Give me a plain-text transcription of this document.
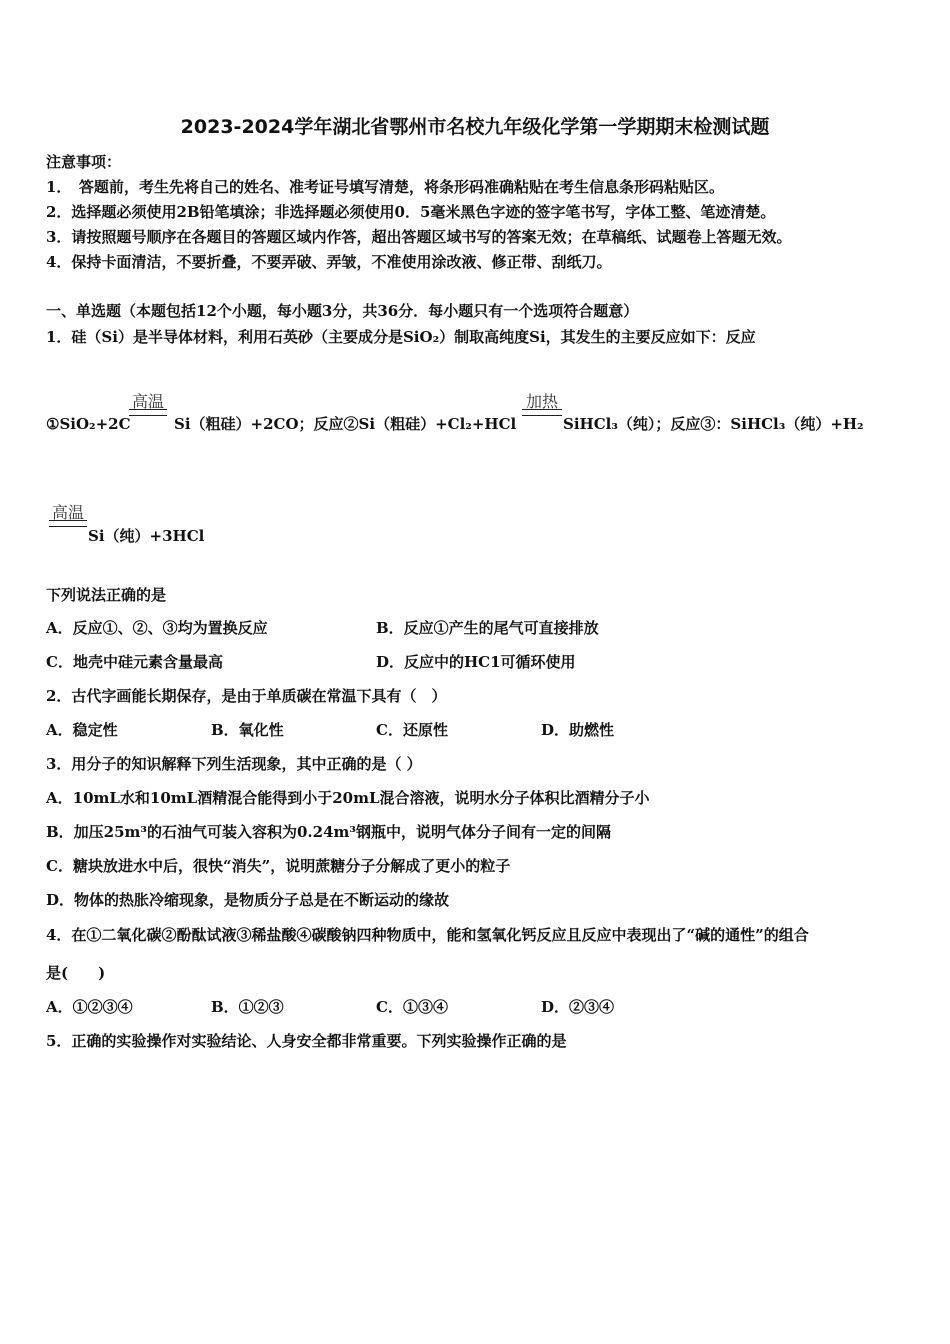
2023-2024学年湖北省鄂州市名校九年级化学第一学期期末检测试题
注意事项：
1．　答题前，考生先将自己的姓名、准考证号填写清楚，将条形码准确粘贴在考生信息条形码粘贴区。
2．选择题必须使用2B铅笔填涂；非选择题必须使用0．5毫米黑色字迹的签字笔书写，字体工整、笔迹清楚。
3．请按照题号顺序在各题目的答题区域内作答，超出答题区域书写的答案无效；在草稿纸、试题卷上答题无效。
4．保持卡面清洁，不要折叠，不要弄破、弄皱，不准使用涂改液、修正带、刮纸刀。
一、单选题（本题包括12个小题，每小题3分，共36分．每小题只有一个选项符合题意）
1．硅（Si）是半导体材料，利用石英砂（主要成分是SiO₂）制取高纯度Si，其发生的主要反应如下：反应
高温	加热
①SiO₂+2C	Si（粗硅）+2CO；反应②Si（粗硅）+Cl₂+HCl	SiHCl₃（纯）；反应③：SiHCl₃（纯）+H₂
高温
Si（纯）+3HCl
下列说法正确的是
A．反应①、②、③均为置换反应	B．反应①产生的尾气可直接排放
C．地壳中硅元素含量最高	D．反应中的HC1可循环使用
2．古代字画能长期保存，是由于单质碳在常温下具有（　）
A．稳定性	B．氧化性	C．还原性	D．助燃性
3．用分子的知识解释下列生活现象，其中正确的是（ ）
A．10mL水和10mL酒精混合能得到小于20mL混合溶液，说明水分子体积比酒精分子小
B．加压25m³的石油气可装入容积为0.24m³钢瓶中，说明气体分子间有一定的间隔
C．糖块放进水中后，很快“消失”，说明蔗糖分子分解成了更小的粒子
D．物体的热胀冷缩现象，是物质分子总是在不断运动的缘故
4．在①二氧化碳②酚酞试液③稀盐酸④碳酸钠四种物质中，能和氢氧化钙反应且反应中表现出了“碱的通性”的组合
是(　　)
A．①②③④	B．①②③	C．①③④	D．②③④
5．正确的实验操作对实验结论、人身安全都非常重要。下列实验操作正确的是
